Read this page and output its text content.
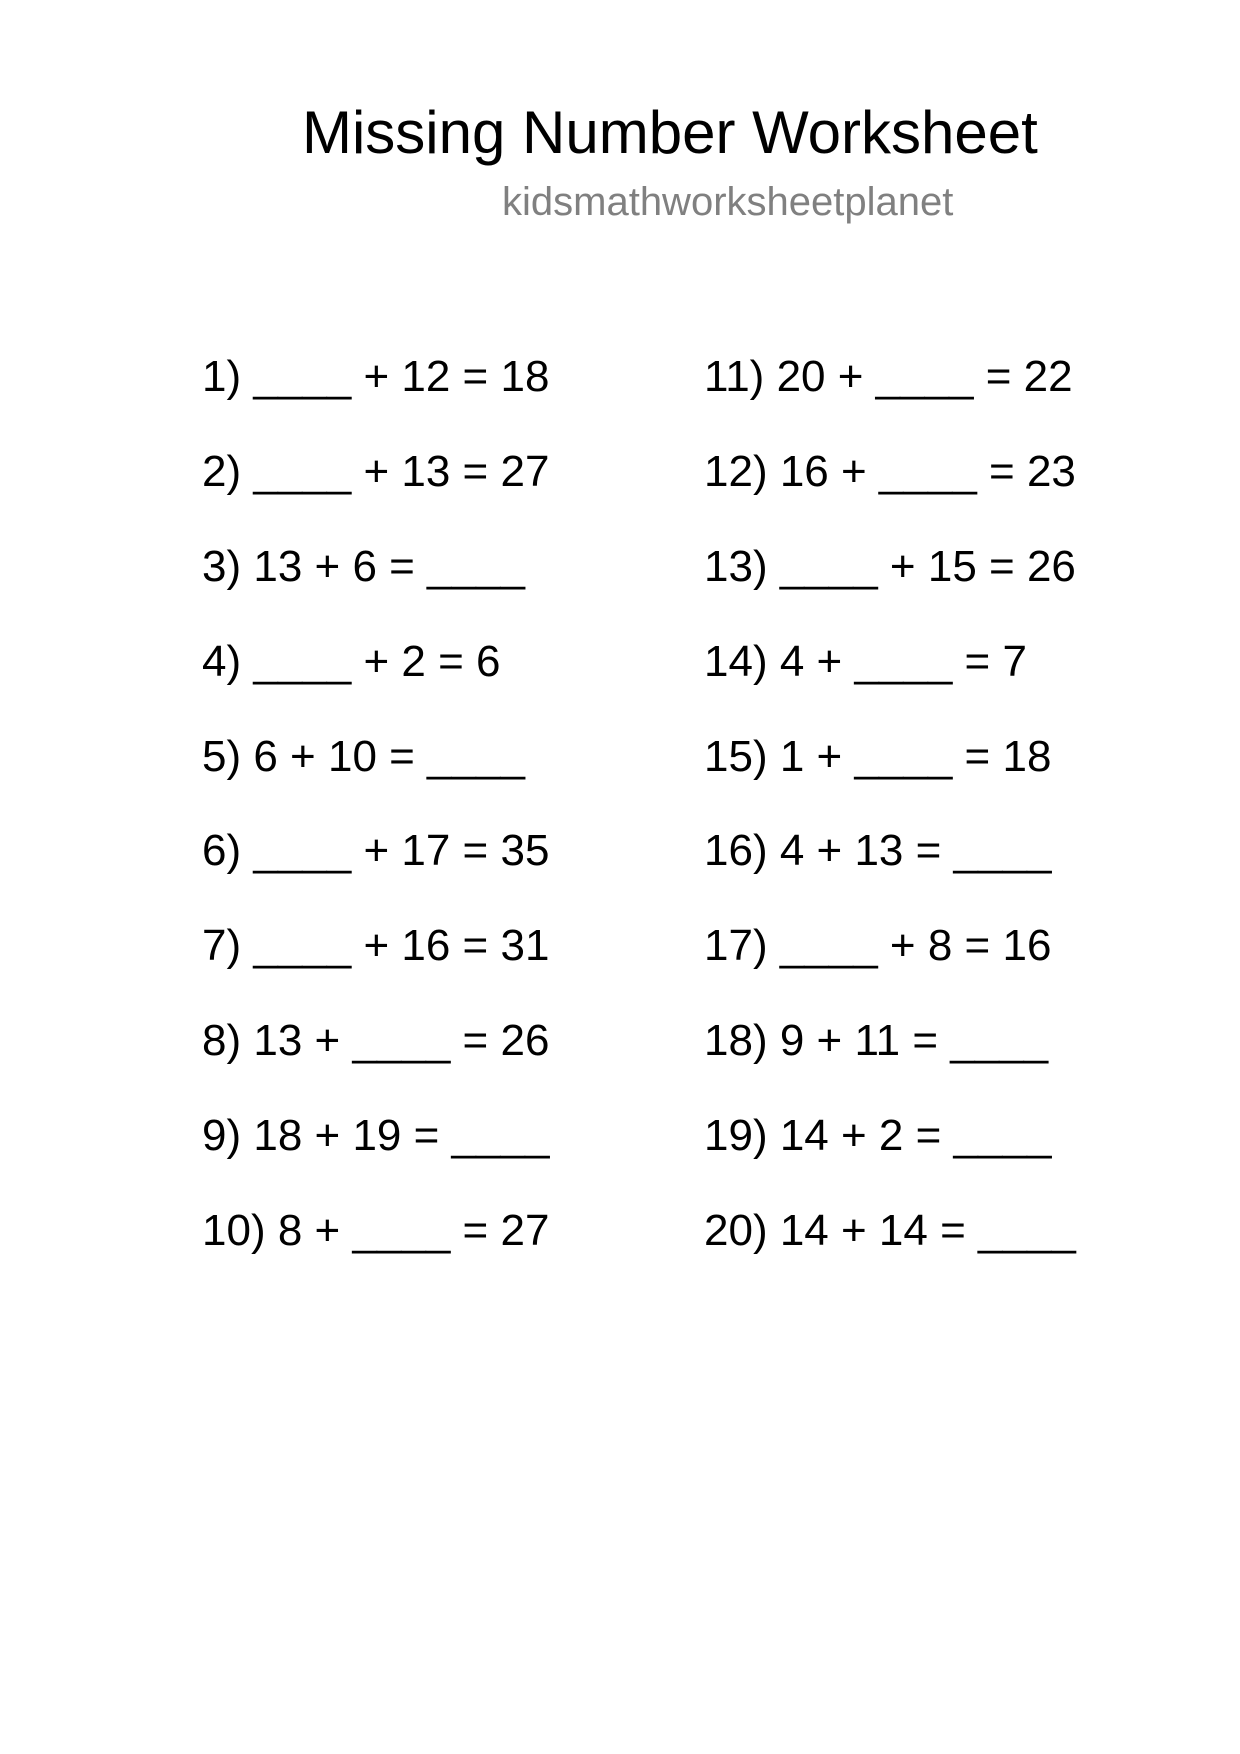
Missing Number Worksheet
kidsmathworksheetplanet
1) ____ + 12 = 18
2) ____ + 13 = 27
3) 13 + 6 = ____
4) ____ + 2 = 6
5) 6 + 10 = ____
6) ____ + 17 = 35
7) ____ + 16 = 31
8) 13 + ____ = 26
9) 18 + 19 = ____
10) 8 + ____ = 27
11) 20 + ____ = 22
12) 16 + ____ = 23
13) ____ + 15 = 26
14) 4 + ____ = 7
15) 1 + ____ = 18
16) 4 + 13 = ____
17) ____ + 8 = 16
18) 9 + 11 = ____
19) 14 + 2 = ____
20) 14 + 14 = ____
